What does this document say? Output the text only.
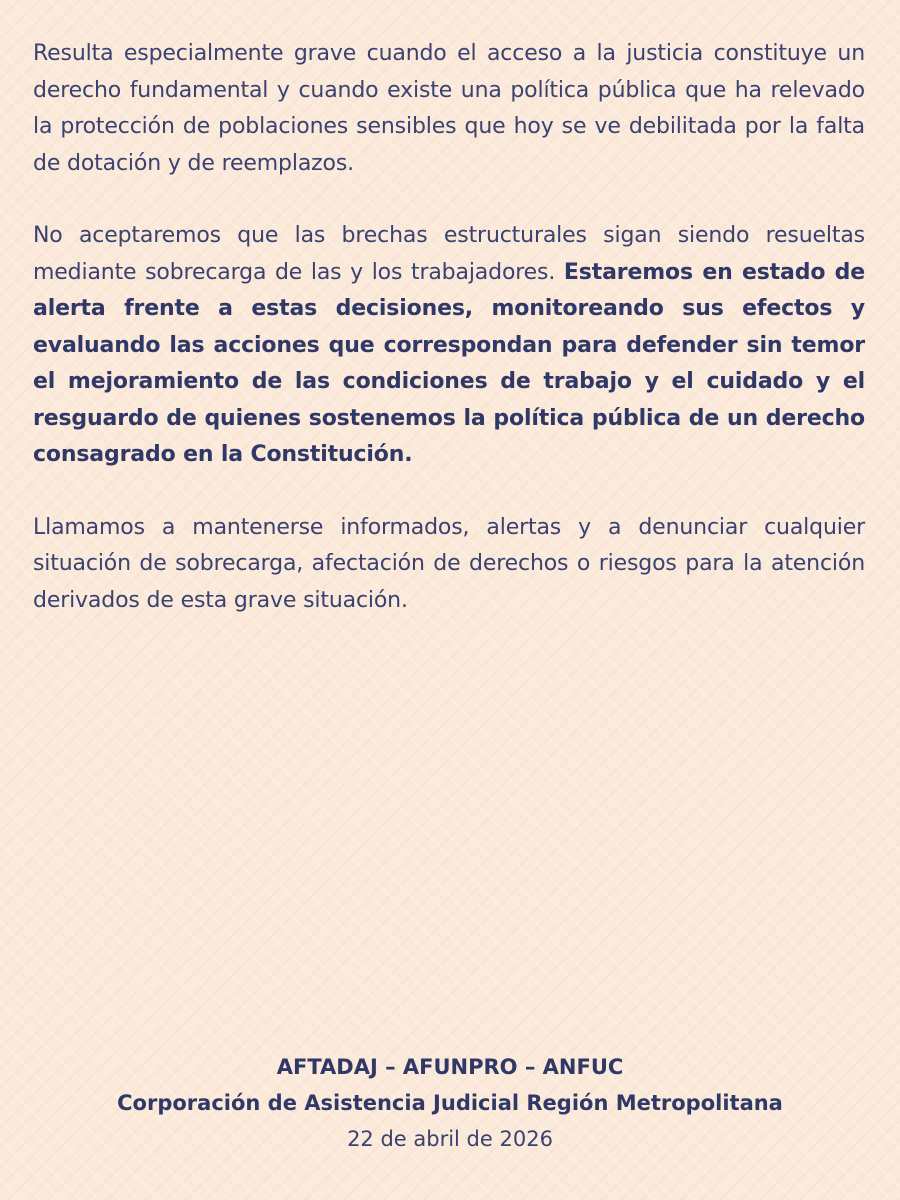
Resulta especialmente grave cuando el acceso a la justicia constituye un derecho fundamental y cuando existe una política pública que ha relevado la protección de poblaciones sensibles que hoy se ve debilitada por la falta de dotación y de reemplazos.

No aceptaremos que las brechas estructurales sigan siendo resueltas mediante sobrecarga de las y los trabajadores. Estaremos en estado de alerta frente a estas decisiones, monitoreando sus efectos y evaluando las acciones que correspondan para defender sin temor el mejoramiento de las condiciones de trabajo y el cuidado y el resguardo de quienes sostenemos la política pública de un derecho consagrado en la Constitución.

Llamamos a mantenerse informados, alertas y a denunciar cualquier situación de sobrecarga, afectación de derechos o riesgos para la atención derivados de esta grave situación.

AFTADAJ – AFUNPRO – ANFUC
Corporación de Asistencia Judicial Región Metropolitana
22 de abril de 2026
